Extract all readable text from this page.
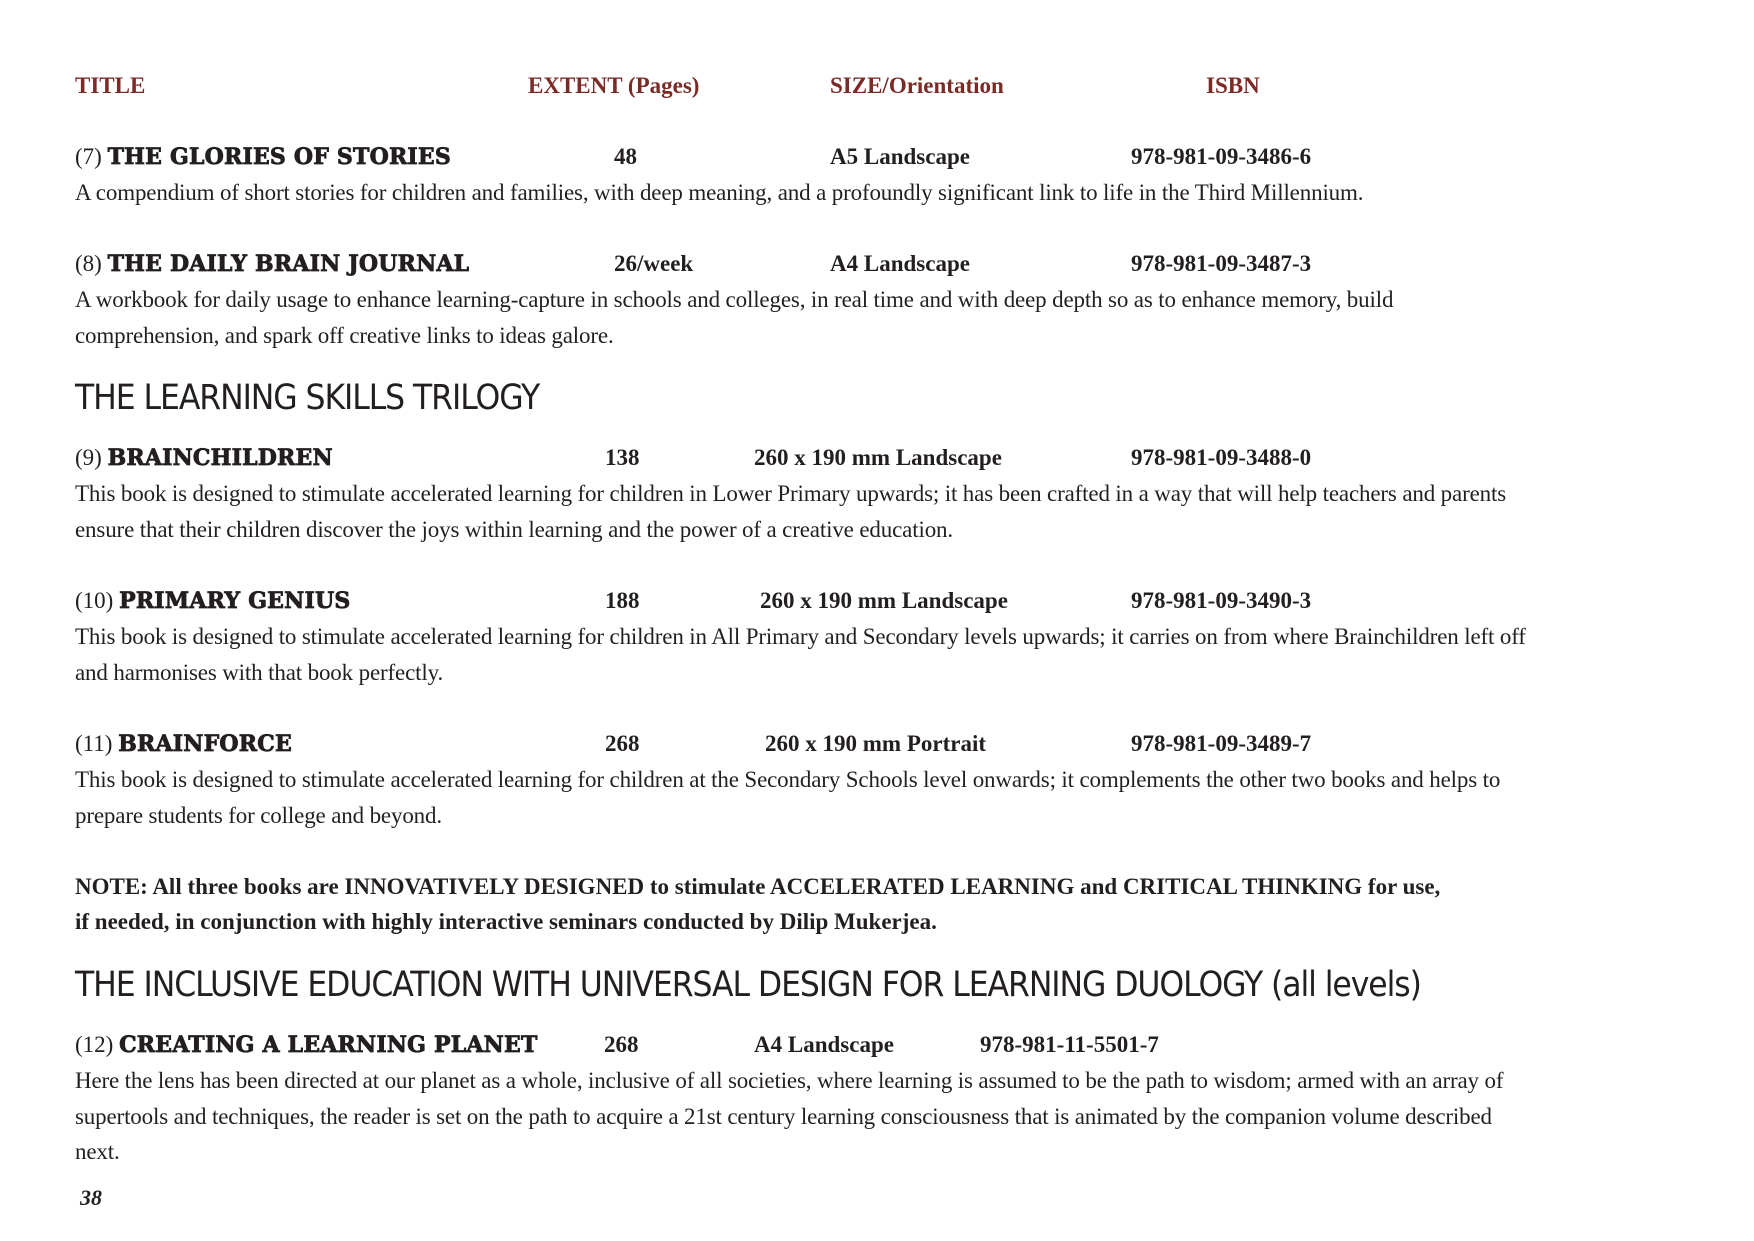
TITLE	EXTENT (Pages)	SIZE/Orientation	ISBN
(7) THE GLORIES OF STORIES	48	A5 Landscape	978-981-09-3486-6
A compendium of short stories for children and families, with deep meaning, and a profoundly significant link to life in the Third Millennium.
(8) THE DAILY BRAIN JOURNAL	26/week	A4 Landscape	978-981-09-3487-3
A workbook for daily usage to enhance learning-capture in schools and colleges, in real time and with deep depth so as to enhance memory, build
comprehension, and spark off creative links to ideas galore.
(9) BRAINCHILDREN	138	260 x 190 mm Landscape	978-981-09-3488-0
This book is designed to stimulate accelerated learning for children in Lower Primary upwards; it has been crafted in a way that will help teachers and parents
ensure that their children discover the joys within learning and the power of a creative education.
(10) PRIMARY GENIUS	188	260 x 190 mm Landscape	978-981-09-3490-3
This book is designed to stimulate accelerated learning for children in All Primary and Secondary levels upwards; it carries on from where Brainchildren left off
and harmonises with that book perfectly.
(11) BRAINFORCE	268	260 x 190 mm Portrait	978-981-09-3489-7
This book is designed to stimulate accelerated learning for children at the Secondary Schools level onwards; it complements the other two books and helps to
prepare students for college and beyond.
(12) CREATING A LEARNING PLANET	268	A4 Landscape	978-981-11-5501-7
Here the lens has been directed at our planet as a whole, inclusive of all societies, where learning is assumed to be the path to wisdom; armed with an array of
supertools and techniques, the reader is set on the path to acquire a 21st century learning consciousness that is animated by the companion volume described
next.
THE LEARNING SKILLS TRILOGY
THE INCLUSIVE EDUCATION WITH UNIVERSAL DESIGN FOR LEARNING DUOLOGY (all levels)
NOTE: All three books are INNOVATIVELY DESIGNED to stimulate ACCELERATED LEARNING and CRITICAL THINKING for use,
if needed, in conjunction with highly interactive seminars conducted by Dilip Mukerjea.
38
